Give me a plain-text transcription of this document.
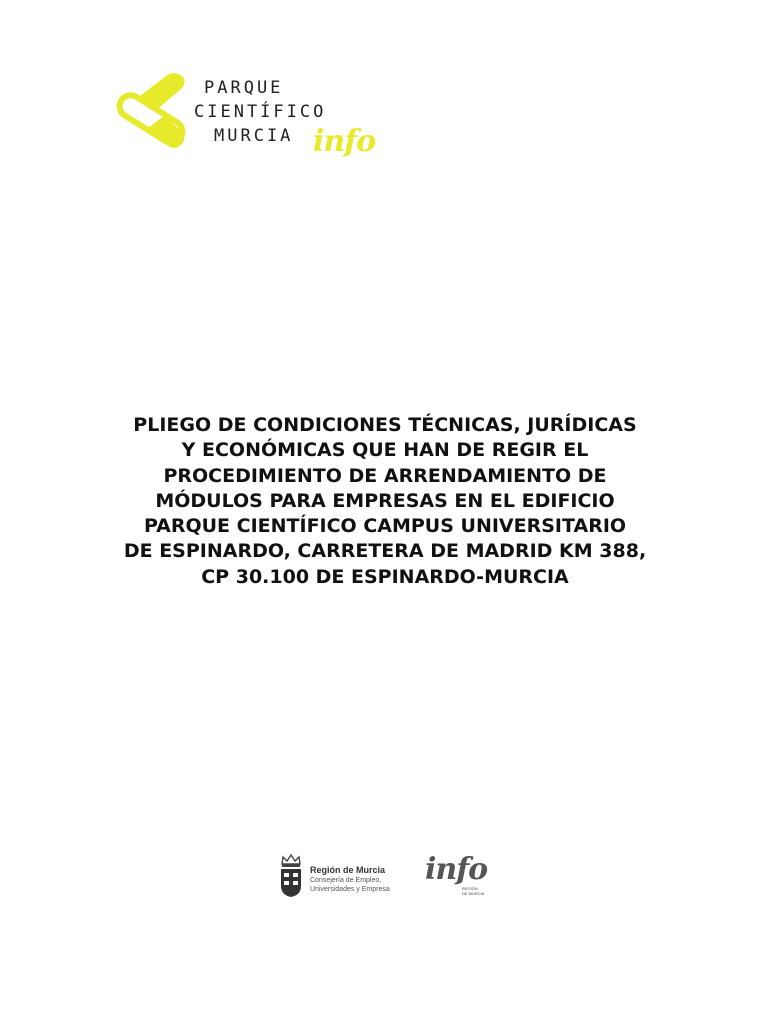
PARQUE
CIENTÍFICO
MURCIA info
PLIEGO DE CONDICIONES TÉCNICAS, JURÍDICAS
Y ECONÓMICAS QUE HAN DE REGIR EL
PROCEDIMIENTO DE ARRENDAMIENTO DE
MÓDULOS PARA EMPRESAS EN EL EDIFICIO
PARQUE CIENTÍFICO CAMPUS UNIVERSITARIO
DE ESPINARDO, CARRETERA DE MADRID KM 388,
CP 30.100 DE ESPINARDO-MURCIA
Región de Murcia
Consejería de Empleo,
Universidades y Empresa
info
REGIÓN
DE MURCIA
